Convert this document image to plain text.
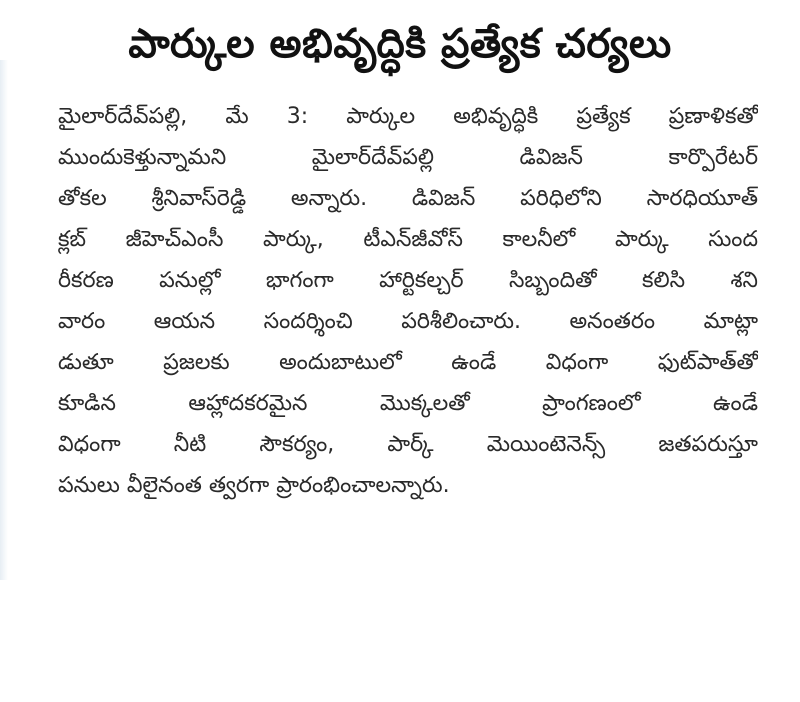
పార్కుల అభివృద్ధికి ప్రత్యేక చర్యలు
మైలార్‌దేవ్‌పల్లి, మే 3: పార్కుల అభివృద్ధికి ప్రత్యేక ప్రణాళికతో
ముందుకెళ్తున్నామని మైలార్‌దేవ్‌పల్లి డివిజన్ కార్పొరేటర్
తోకల శ్రీనివాస్‌రెడ్డి అన్నారు. డివిజన్ పరిధిలోని సారధియూత్
క్లబ్ జీహెచ్‌ఎంసీ పార్కు, టీఎన్‌జీవోస్ కాలనీలో పార్కు సుంద
రీకరణ పనుల్లో భాగంగా హార్టికల్చర్ సిబ్బందితో కలిసి శని
వారం ఆయన సందర్శించి పరిశీలించారు. అనంతరం మాట్లా
డుతూ ప్రజలకు అందుబాటులో ఉండే విధంగా ఫుట్‌పాత్‌తో
కూడిన ఆహ్లాదకరమైన మొక్కలతో ప్రాంగణంలో ఉండే
విధంగా నీటి సౌకర్యం, పార్క్ మెయింటెనెన్స్ జతపరుస్తూ
పనులు వీలైనంత త్వరగా ప్రారంభించాలన్నారు.
